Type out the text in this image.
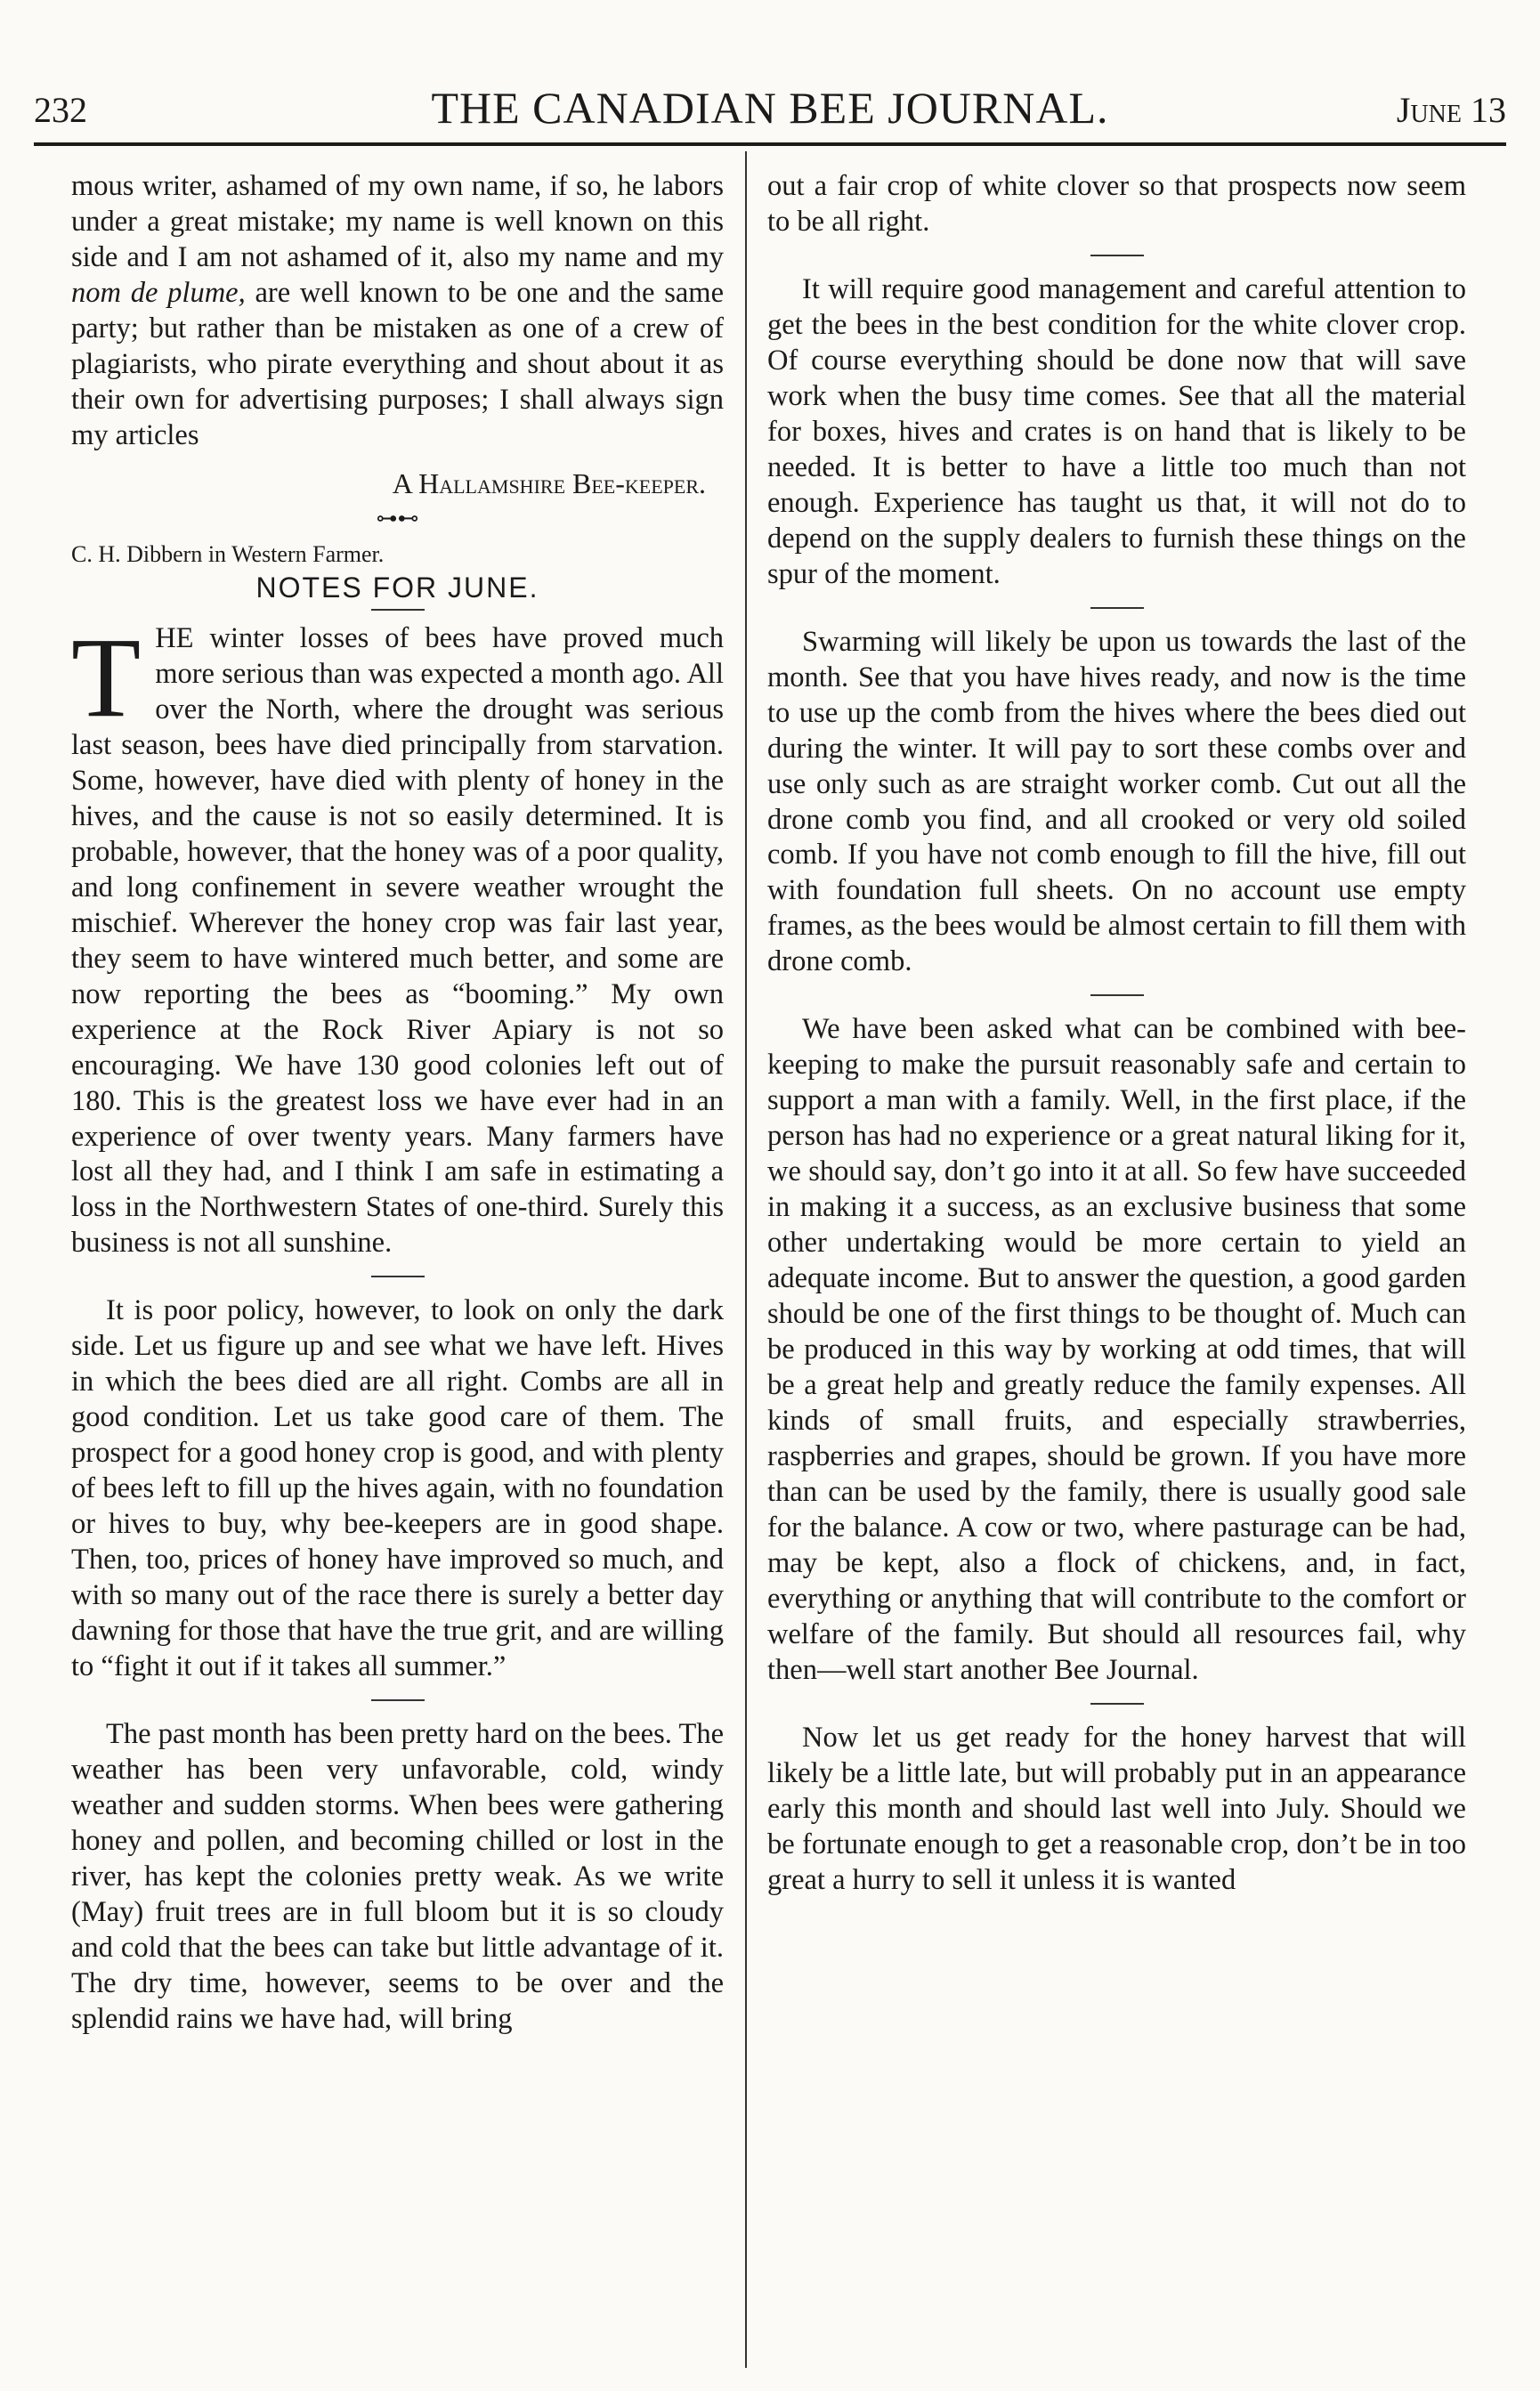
232	THE CANADIAN BEE JOURNAL.	June 13

mous writer, ashamed of my own name, if so, he labors under a great mistake; my name is well known on this side and I am not ashamed of it, also my name and my nom de plume, are well known to be one and the same party; but rather than be mistaken as one of a crew of plagiarists, who pirate everything and shout about it as their own for advertising purposes; I shall always sign my articles

A Hallamshire Bee-keeper.
⊶⊷
C. H. Dibbern in Western Farmer.
NOTES FOR JUNE.

THE winter losses of bees have proved much more serious than was expected a month ago. All over the North, where the drought was serious last season, bees have died principally from starvation. Some, however, have died with plenty of honey in the hives, and the cause is not so easily determined. It is probable, however, that the honey was of a poor quality, and long confinement in severe weather wrought the mischief. Wherever the honey crop was fair last year, they seem to have wintered much better, and some are now reporting the bees as “booming.” My own experience at the Rock River Apiary is not so encouraging. We have 130 good colonies left out of 180. This is the greatest loss we have ever had in an experience of over twenty years. Many farmers have lost all they had, and I think I am safe in estimating a loss in the Northwestern States of one-third. Surely this business is not all sunshine.

It is poor policy, however, to look on only the dark side. Let us figure up and see what we have left. Hives in which the bees died are all right. Combs are all in good condition. Let us take good care of them. The prospect for a good honey crop is good, and with plenty of bees left to fill up the hives again, with no foundation or hives to buy, why bee-keepers are in good shape. Then, too, prices of honey have improved so much, and with so many out of the race there is surely a better day dawning for those that have the true grit, and are willing to “fight it out if it takes all summer.”

The past month has been pretty hard on the bees. The weather has been very unfavorable, cold, windy weather and sudden storms. When bees were gathering honey and pollen, and becoming chilled or lost in the river, has kept the colonies pretty weak. As we write (May) fruit trees are in full bloom but it is so cloudy and cold that the bees can take but little advantage of it. The dry time, however, seems to be over and the splendid rains we have had, will bring

out a fair crop of white clover so that prospects now seem to be all right.

It will require good management and careful attention to get the bees in the best condition for the white clover crop. Of course everything should be done now that will save work when the busy time comes. See that all the material for boxes, hives and crates is on hand that is likely to be needed. It is better to have a little too much than not enough. Experience has taught us that, it will not do to depend on the supply dealers to furnish these things on the spur of the moment.

Swarming will likely be upon us towards the last of the month. See that you have hives ready, and now is the time to use up the comb from the hives where the bees died out during the winter. It will pay to sort these combs over and use only such as are straight worker comb. Cut out all the drone comb you find, and all crooked or very old soiled comb. If you have not comb enough to fill the hive, fill out with foundation full sheets. On no account use empty frames, as the bees would be almost certain to fill them with drone comb.

We have been asked what can be combined with bee-keeping to make the pursuit reasonably safe and certain to support a man with a family. Well, in the first place, if the person has had no experience or a great natural liking for it, we should say, don’t go into it at all. So few have succeeded in making it a success, as an exclusive business that some other undertaking would be more certain to yield an adequate income. But to answer the question, a good garden should be one of the first things to be thought of. Much can be produced in this way by working at odd times, that will be a great help and greatly reduce the family expenses. All kinds of small fruits, and especially strawberries, raspberries and grapes, should be grown. If you have more than can be used by the family, there is usually good sale for the balance. A cow or two, where pasturage can be had, may be kept, also a flock of chickens, and, in fact, everything or anything that will contribute to the comfort or welfare of the family. But should all resources fail, why then—well start another Bee Journal.

Now let us get ready for the honey harvest that will likely be a little late, but will probably put in an appearance early this month and should last well into July. Should we be fortunate enough to get a reasonable crop, don’t be in too great a hurry to sell it unless it is wanted
